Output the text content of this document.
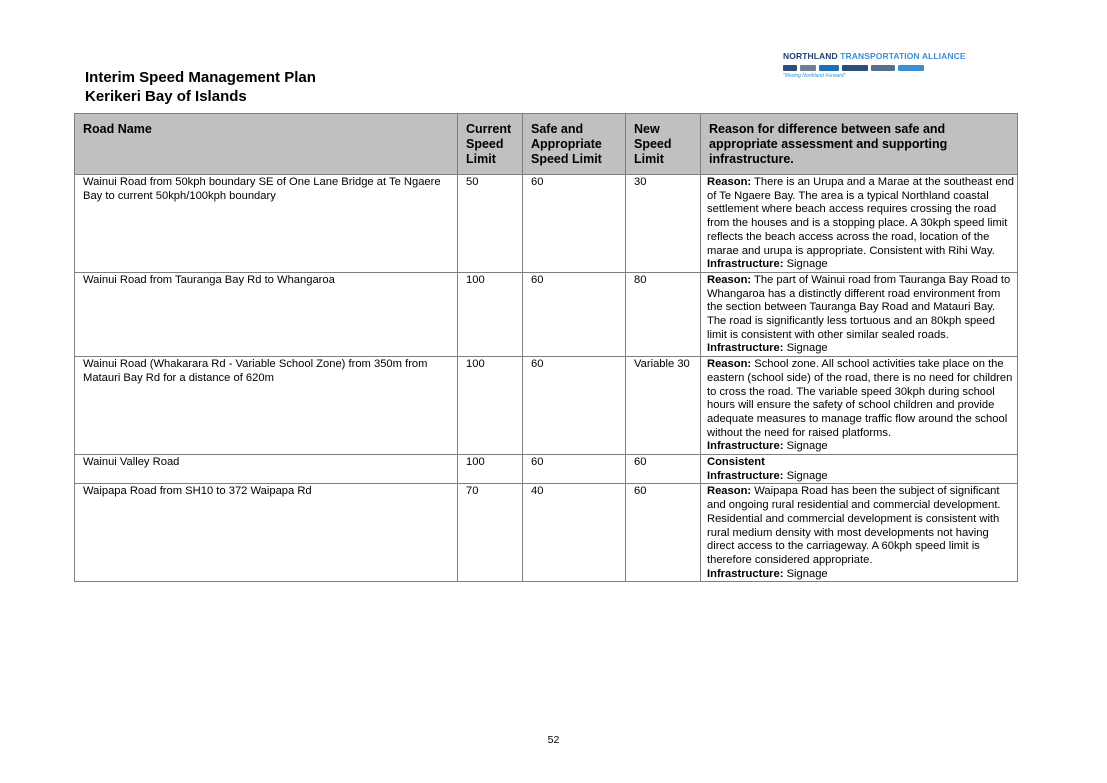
Interim Speed Management Plan
Kerikeri Bay of Islands
NORTHLAND TRANSPORTATION ALLIANCE
"Moving Northland Forward"
Road Name	Current Speed Limit	Safe and Appropriate Speed Limit	New Speed Limit	Reason for difference between safe and appropriate assessment and supporting infrastructure.
Wainui Road from 50kph boundary SE of One Lane Bridge at Te Ngaere Bay to current 50kph/100kph boundary	50	60	30	Reason: There is an Urupa and a Marae at the southeast end of Te Ngaere Bay. The area is a typical Northland coastal settlement where beach access requires crossing the road from the houses and is a stopping place. A 30kph speed limit reflects the beach access across the road, location of the marae and urupa is appropriate. Consistent with Rihi Way.
Infrastructure: Signage

Wainui Road from Tauranga Bay Rd to Whangaroa	100	60	80	Reason: The part of Wainui road from Tauranga Bay Road to Whangaroa has a distinctly different road environment from the section between Tauranga Bay Road and Matauri Bay. The road is significantly less tortuous and an 80kph speed limit is consistent with other similar sealed roads.
Infrastructure: Signage

Wainui Road (Whakarara Rd - Variable School Zone) from 350m from Matauri Bay Rd for a distance of 620m	100	60	Variable 30	Reason: School zone. All school activities take place on the eastern (school side) of the road, there is no need for children to cross the road. The variable speed 30kph during school hours will ensure the safety of school children and provide adequate measures to manage traffic flow around the school without the need for raised platforms.
Infrastructure: Signage

Wainui Valley Road	100	60	60	Consistent
Infrastructure: Signage

Waipapa Road from SH10 to 372 Waipapa Rd	70	40	60	Reason: Waipapa Road has been the subject of significant and ongoing rural residential and commercial development. Residential and commercial development is consistent with rural medium density with most developments not having direct access to the carriageway. A 60kph speed limit is therefore considered appropriate.
Infrastructure: Signage
52
